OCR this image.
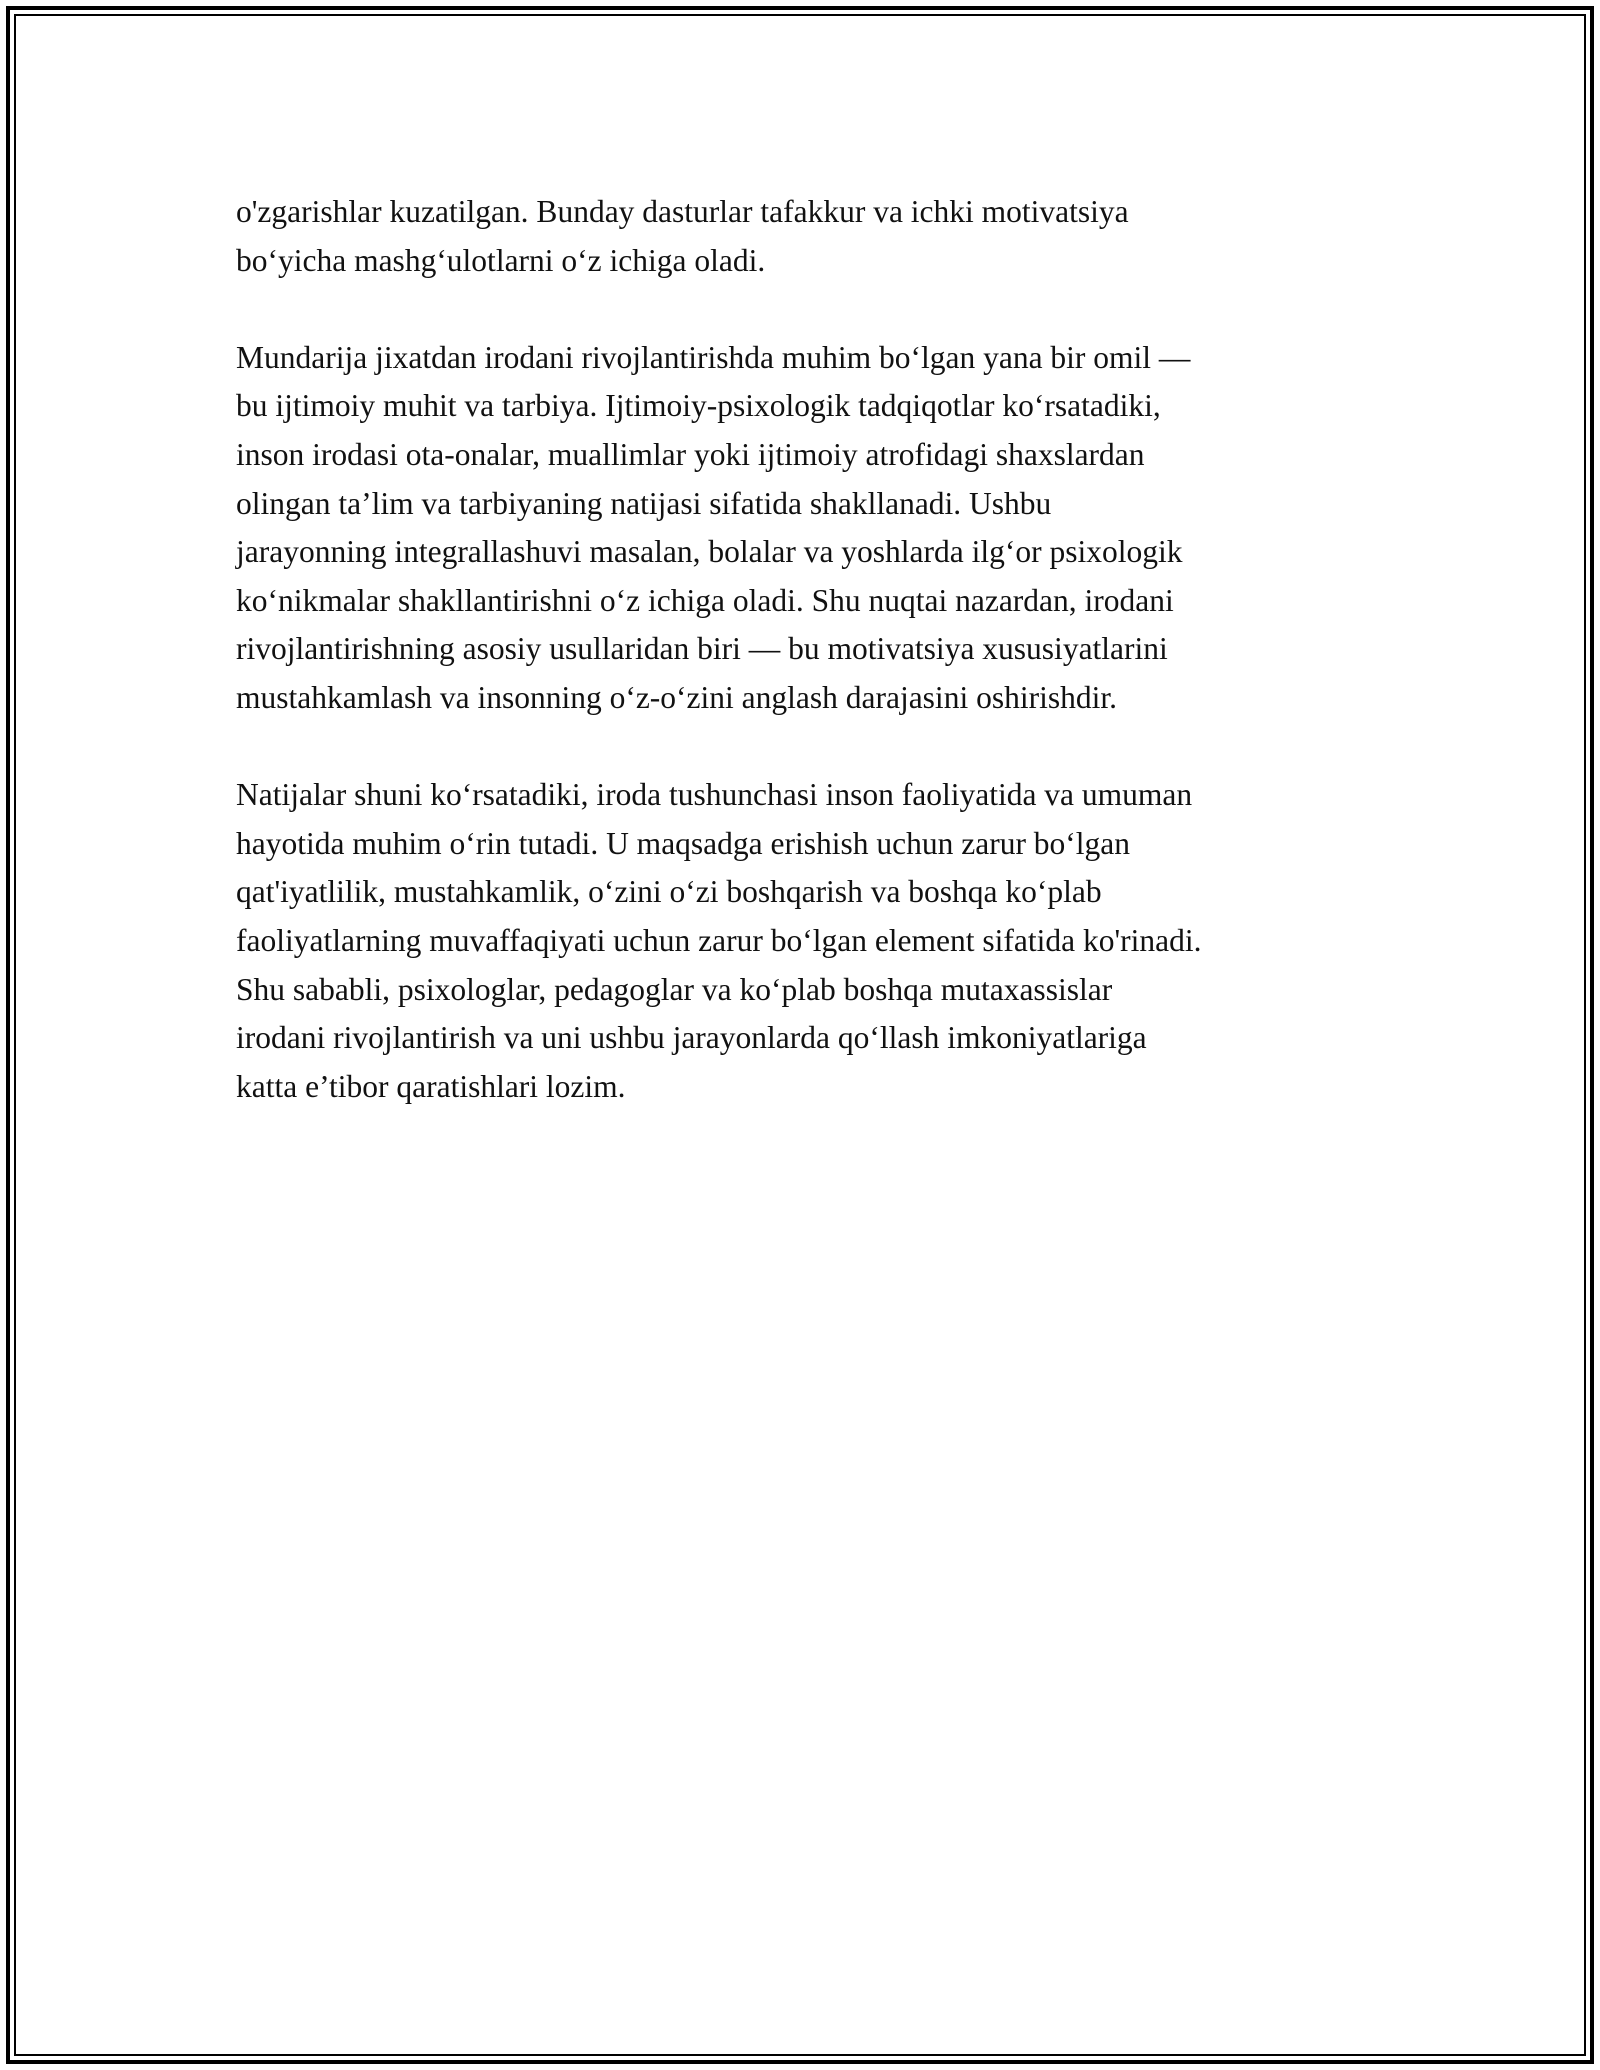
o'zgarishlar kuzatilgan. Bunday dasturlar tafakkur va ichki motivatsiya
bo‘yicha mashg‘ulotlarni o‘z ichiga oladi.

Mundarija jixatdan irodani rivojlantirishda muhim bo‘lgan yana bir omil —
bu ijtimoiy muhit va tarbiya. Ijtimoiy-psixologik tadqiqotlar ko‘rsatadiki,
inson irodasi ota-onalar, muallimlar yoki ijtimoiy atrofidagi shaxslardan
olingan ta’lim va tarbiyaning natijasi sifatida shakllanadi. Ushbu
jarayonning integrallashuvi masalan, bolalar va yoshlarda ilg‘or psixologik
ko‘nikmalar shakllantirishni o‘z ichiga oladi. Shu nuqtai nazardan, irodani
rivojlantirishning asosiy usullaridan biri — bu motivatsiya xususiyatlarini
mustahkamlash va insonning o‘z-o‘zini anglash darajasini oshirishdir.

Natijalar shuni ko‘rsatadiki, iroda tushunchasi inson faoliyatida va umuman
hayotida muhim o‘rin tutadi. U maqsadga erishish uchun zarur bo‘lgan
qat'iyatlilik, mustahkamlik, o‘zini o‘zi boshqarish va boshqa ko‘plab
faoliyatlarning muvaffaqiyati uchun zarur bo‘lgan element sifatida ko'rinadi.
Shu sababli, psixologlar, pedagoglar va ko‘plab boshqa mutaxassislar
irodani rivojlantirish va uni ushbu jarayonlarda qo‘llash imkoniyatlariga
katta e’tibor qaratishlari lozim.
